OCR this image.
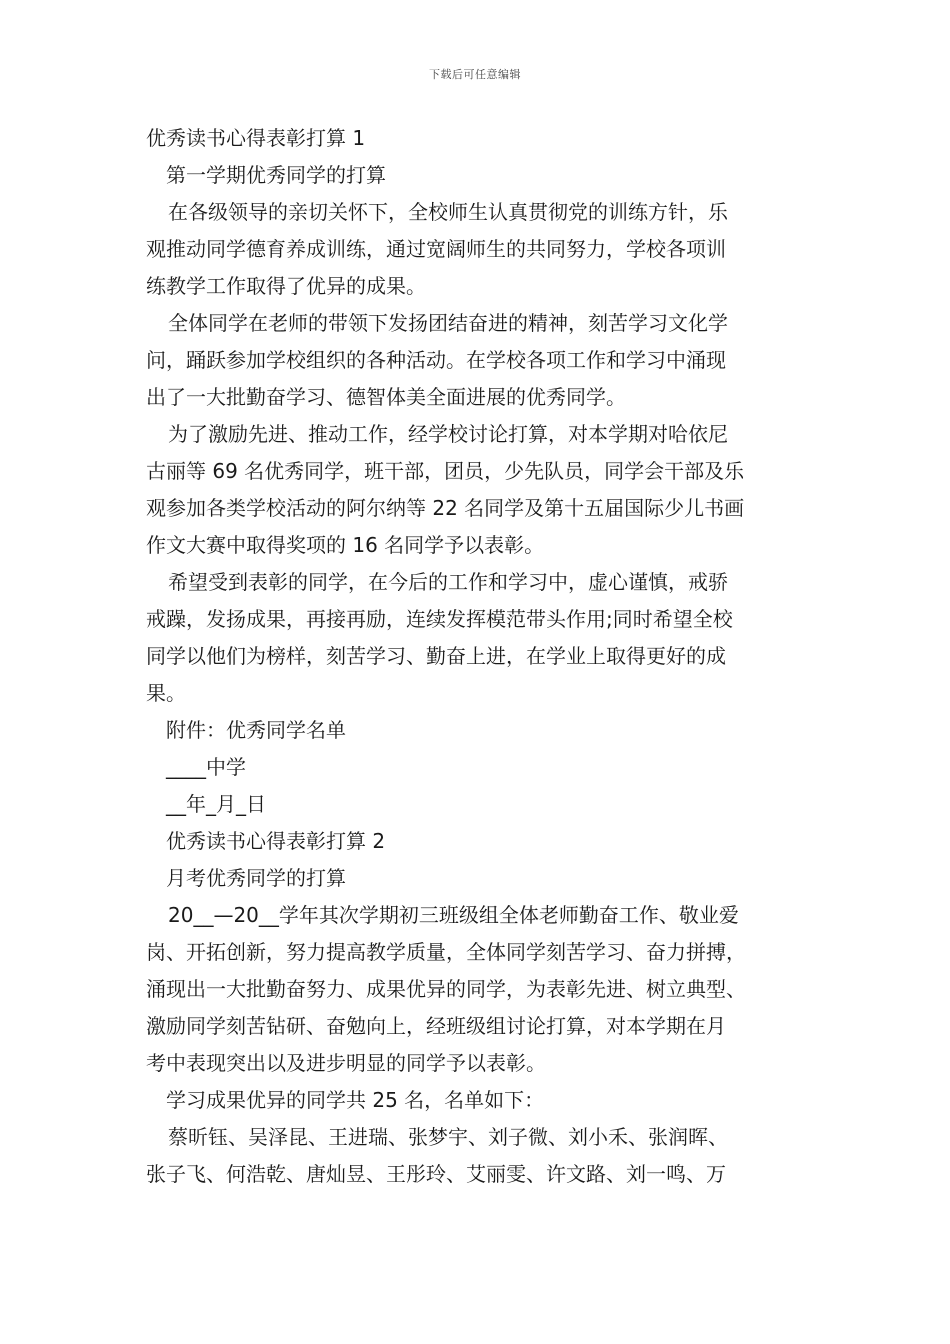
下载后可任意编辑

优秀读书心得表彰打算 1

第一学期优秀同学的打算

在各级领导的亲切关怀下，全校师生认真贯彻党的训练方针，乐

观推动同学德育养成训练，通过宽阔师生的共同努力，学校各项训

练教学工作取得了优异的成果。

全体同学在老师的带领下发扬团结奋进的精神，刻苦学习文化学

问，踊跃参加学校组织的各种活动。在学校各项工作和学习中涌现

出了一大批勤奋学习、德智体美全面进展的优秀同学。

为了激励先进、推动工作，经学校讨论打算，对本学期对哈依尼

古丽等 69 名优秀同学，班干部，团员，少先队员，同学会干部及乐

观参加各类学校活动的阿尔纳等 22 名同学及第十五届国际少儿书画

作文大赛中取得奖项的 16 名同学予以表彰。

希望受到表彰的同学，在今后的工作和学习中，虚心谨慎，戒骄

戒躁，发扬成果，再接再励，连续发挥模范带头作用;同时希望全校

同学以他们为榜样，刻苦学习、勤奋上进，在学业上取得更好的成

果。

附件：优秀同学名单

____中学

__年_月_日

优秀读书心得表彰打算 2

月考优秀同学的打算

20__—20__学年其次学期初三班级组全体老师勤奋工作、敬业爱

岗、开拓创新，努力提高教学质量，全体同学刻苦学习、奋力拼搏，

涌现出一大批勤奋努力、成果优异的同学，为表彰先进、树立典型、

激励同学刻苦钻研、奋勉向上，经班级组讨论打算，对本学期在月

考中表现突出以及进步明显的同学予以表彰。

学习成果优异的同学共 25 名，名单如下：

蔡昕钰、吴泽昆、王进瑞、张梦宇、刘子微、刘小禾、张润晖、

张子飞、何浩乾、唐灿昱、王彤玲、艾丽雯、许文路、刘一鸣、万
